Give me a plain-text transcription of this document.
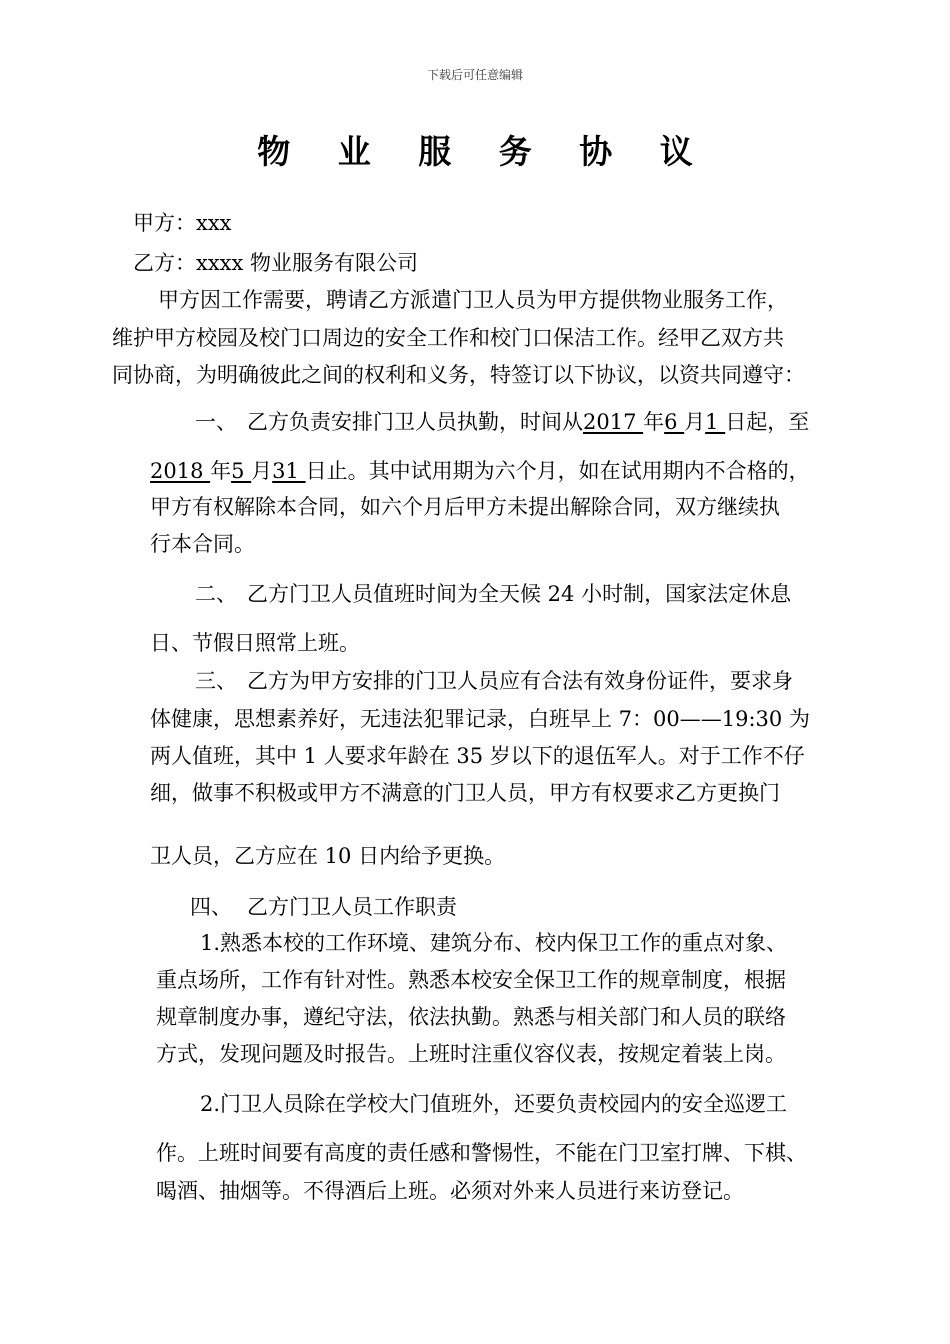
下载后可任意编辑
物 业 服 务 协 议
甲方：xxx
乙方：xxxx 物业服务有限公司
甲方因工作需要，聘请乙方派遣门卫人员为甲方提供物业服务工作，
维护甲方校园及校门口周边的安全工作和校门口保洁工作。经甲乙双方共
同协商，为明确彼此之间的权利和义务，特签订以下协议，以资共同遵守：
一、 乙方负责安排门卫人员执勤，时间从2017 年6 月1 日起，至
2018 年5 月31 日止。其中试用期为六个月，如在试用期内不合格的，
甲方有权解除本合同，如六个月后甲方未提出解除合同，双方继续执
行本合同。
二、 乙方门卫人员值班时间为全天候 24 小时制，国家法定休息
日、节假日照常上班。
三、 乙方为甲方安排的门卫人员应有合法有效身份证件，要求身
体健康，思想素养好，无违法犯罪记录，白班早上 7：00——19:30 为
两人值班，其中 1 人要求年龄在 35 岁以下的退伍军人。对于工作不仔
细，做事不积极或甲方不满意的门卫人员，甲方有权要求乙方更换门
卫人员，乙方应在 10 日内给予更换。
四、 乙方门卫人员工作职责
1.熟悉本校的工作环境、建筑分布、校内保卫工作的重点对象、
重点场所，工作有针对性。熟悉本校安全保卫工作的规章制度，根据
规章制度办事，遵纪守法，依法执勤。熟悉与相关部门和人员的联络
方式，发现问题及时报告。上班时注重仪容仪表，按规定着装上岗。
2.门卫人员除在学校大门值班外，还要负责校园内的安全巡逻工
作。上班时间要有高度的责任感和警惕性，不能在门卫室打牌、下棋、
喝酒、抽烟等。不得酒后上班。必须对外来人员进行来访登记。
